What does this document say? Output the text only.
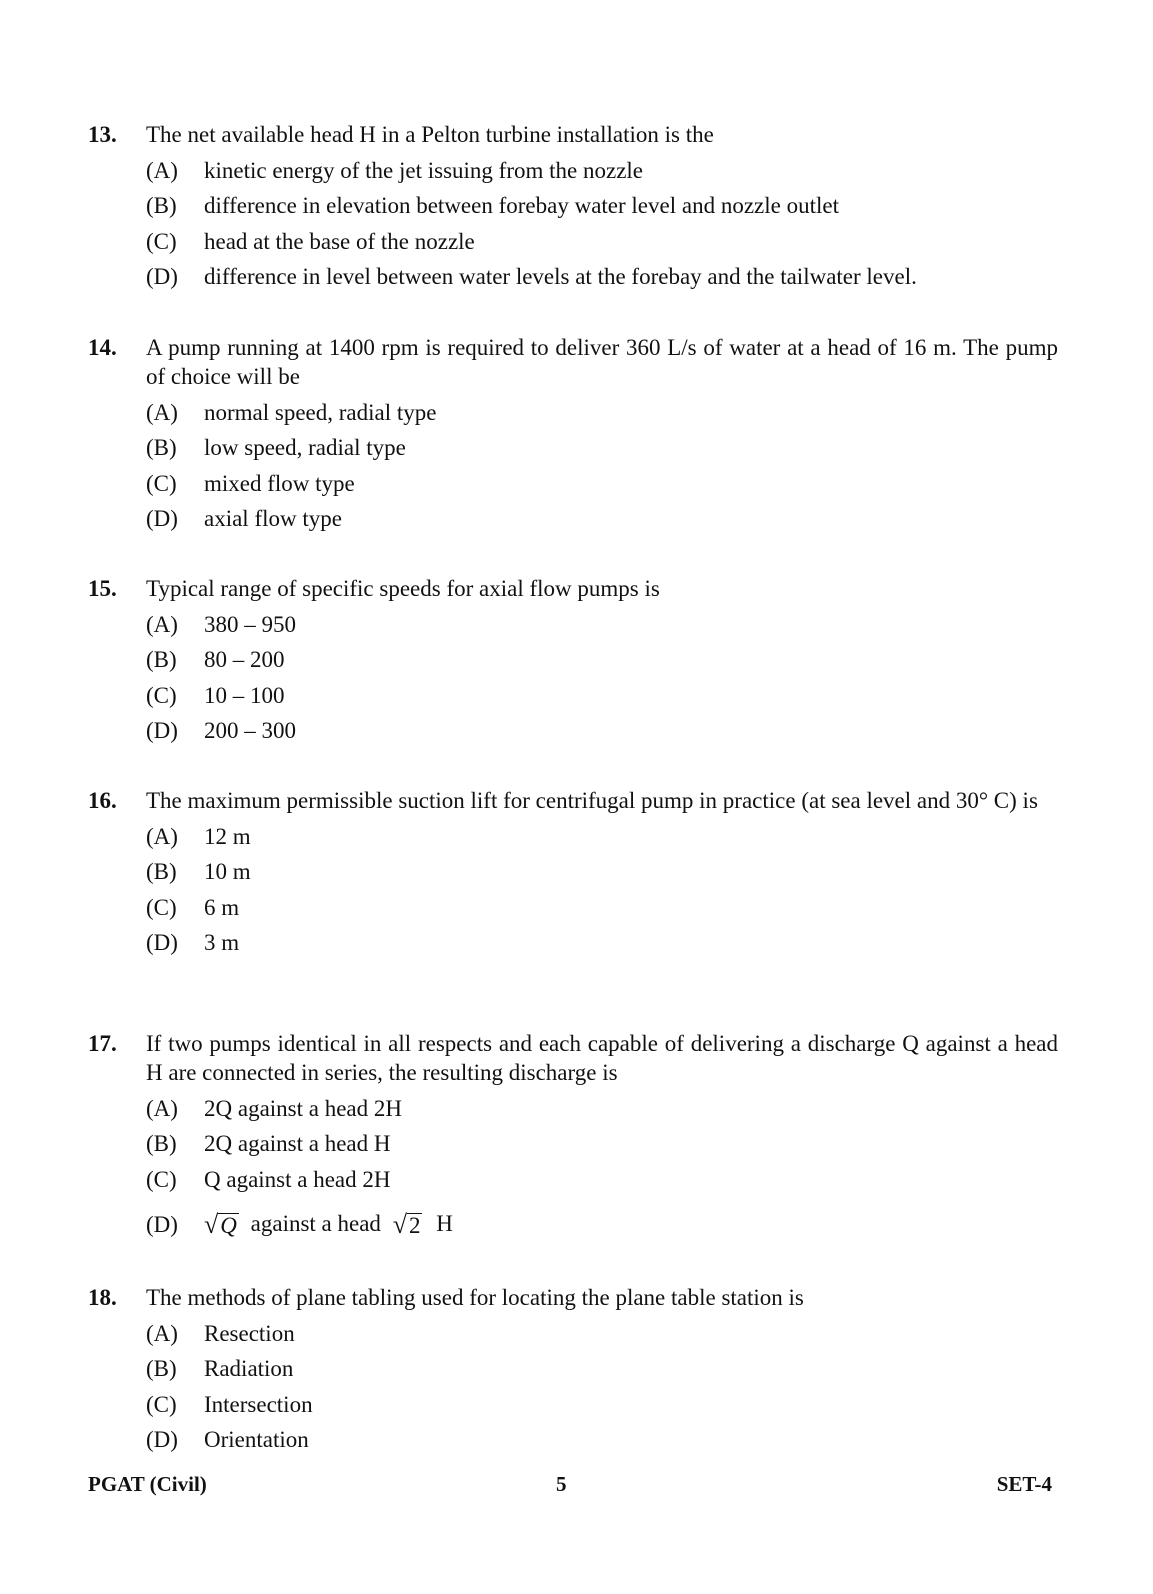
13.	The net available head H in a Pelton turbine installation is the
(A)	kinetic energy of the jet issuing from the nozzle
(B)	difference in elevation between forebay water level and nozzle outlet
(C)	head at the base of the nozzle
(D)	difference in level between water levels at the forebay and the tailwater level.
14.	A pump running at 1400 rpm is required to deliver 360 L/s of water at a head of 16 m. The pump of choice will be
(A)	normal speed, radial type
(B)	low speed, radial type
(C)	mixed flow type
(D)	axial flow type
15.	Typical range of specific speeds for axial flow pumps is
(A)	380 – 950
(B)	80 – 200
(C)	10 – 100
(D)	200 – 300
16.	The maximum permissible suction lift for centrifugal pump in practice (at sea level and 30° C) is
(A)	12 m
(B)	10 m
(C)	6 m
(D)	3 m
17.	If two pumps identical in all respects and each capable of delivering a discharge Q against a head H are connected in series, the resulting discharge is
(A)	2Q against a head 2H
(B)	2Q against a head H
(C)	Q against a head 2H
(D)	√ Q against a head √ 2 H
18.	The methods of plane tabling used for locating the plane table station is
(A)	Resection
(B)	Radiation
(C)	Intersection
(D)	Orientation
PGAT (Civil)	5	SET-4
